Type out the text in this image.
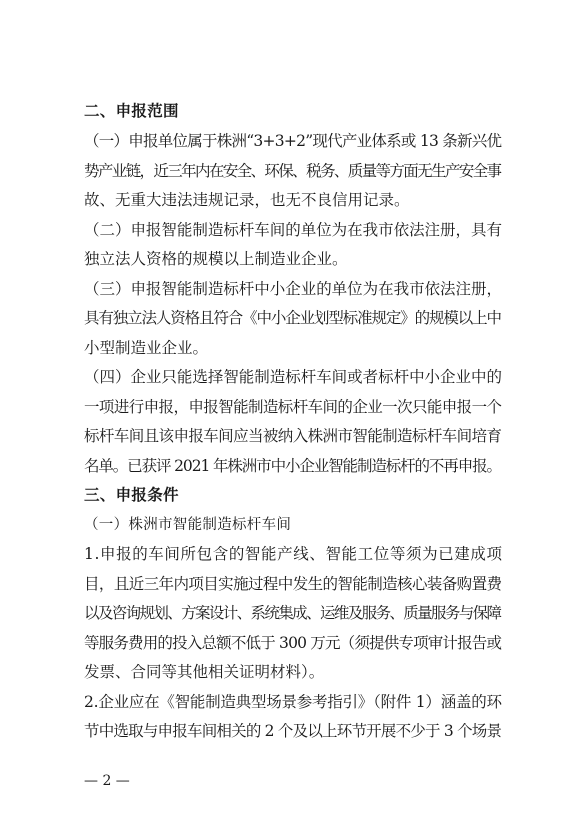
二、申报范围
（一）申报单位属于株洲“3+3+2”现代产业体系或 13 条新兴优
势产业链，近三年内在安全、环保、税务、质量等方面无生产安全事
故、无重大违法违规记录，也无不良信用记录。
（二）申报智能制造标杆车间的单位为在我市依法注册，具有
独立法人资格的规模以上制造业企业。
（三）申报智能制造标杆中小企业的单位为在我市依法注册，
具有独立法人资格且符合《中小企业划型标准规定》的规模以上中
小型制造业企业。
（四）企业只能选择智能制造标杆车间或者标杆中小企业中的
一项进行申报，申报智能制造标杆车间的企业一次只能申报一个
标杆车间且该申报车间应当被纳入株洲市智能制造标杆车间培育
名单。已获评 2021 年株洲市中小企业智能制造标杆的不再申报。
三、申报条件
（一）株洲市智能制造标杆车间
1.申报的车间所包含的智能产线、智能工位等须为已建成项
目，且近三年内项目实施过程中发生的智能制造核心装备购置费
以及咨询规划、方案设计、系统集成、运维及服务、质量服务与保障
等服务费用的投入总额不低于 300 万元（须提供专项审计报告或
发票、合同等其他相关证明材料）。
2.企业应在《智能制造典型场景参考指引》（附件 1）涵盖的环
节中选取与申报车间相关的 2 个及以上环节开展不少于 3 个场景
— 2 —
